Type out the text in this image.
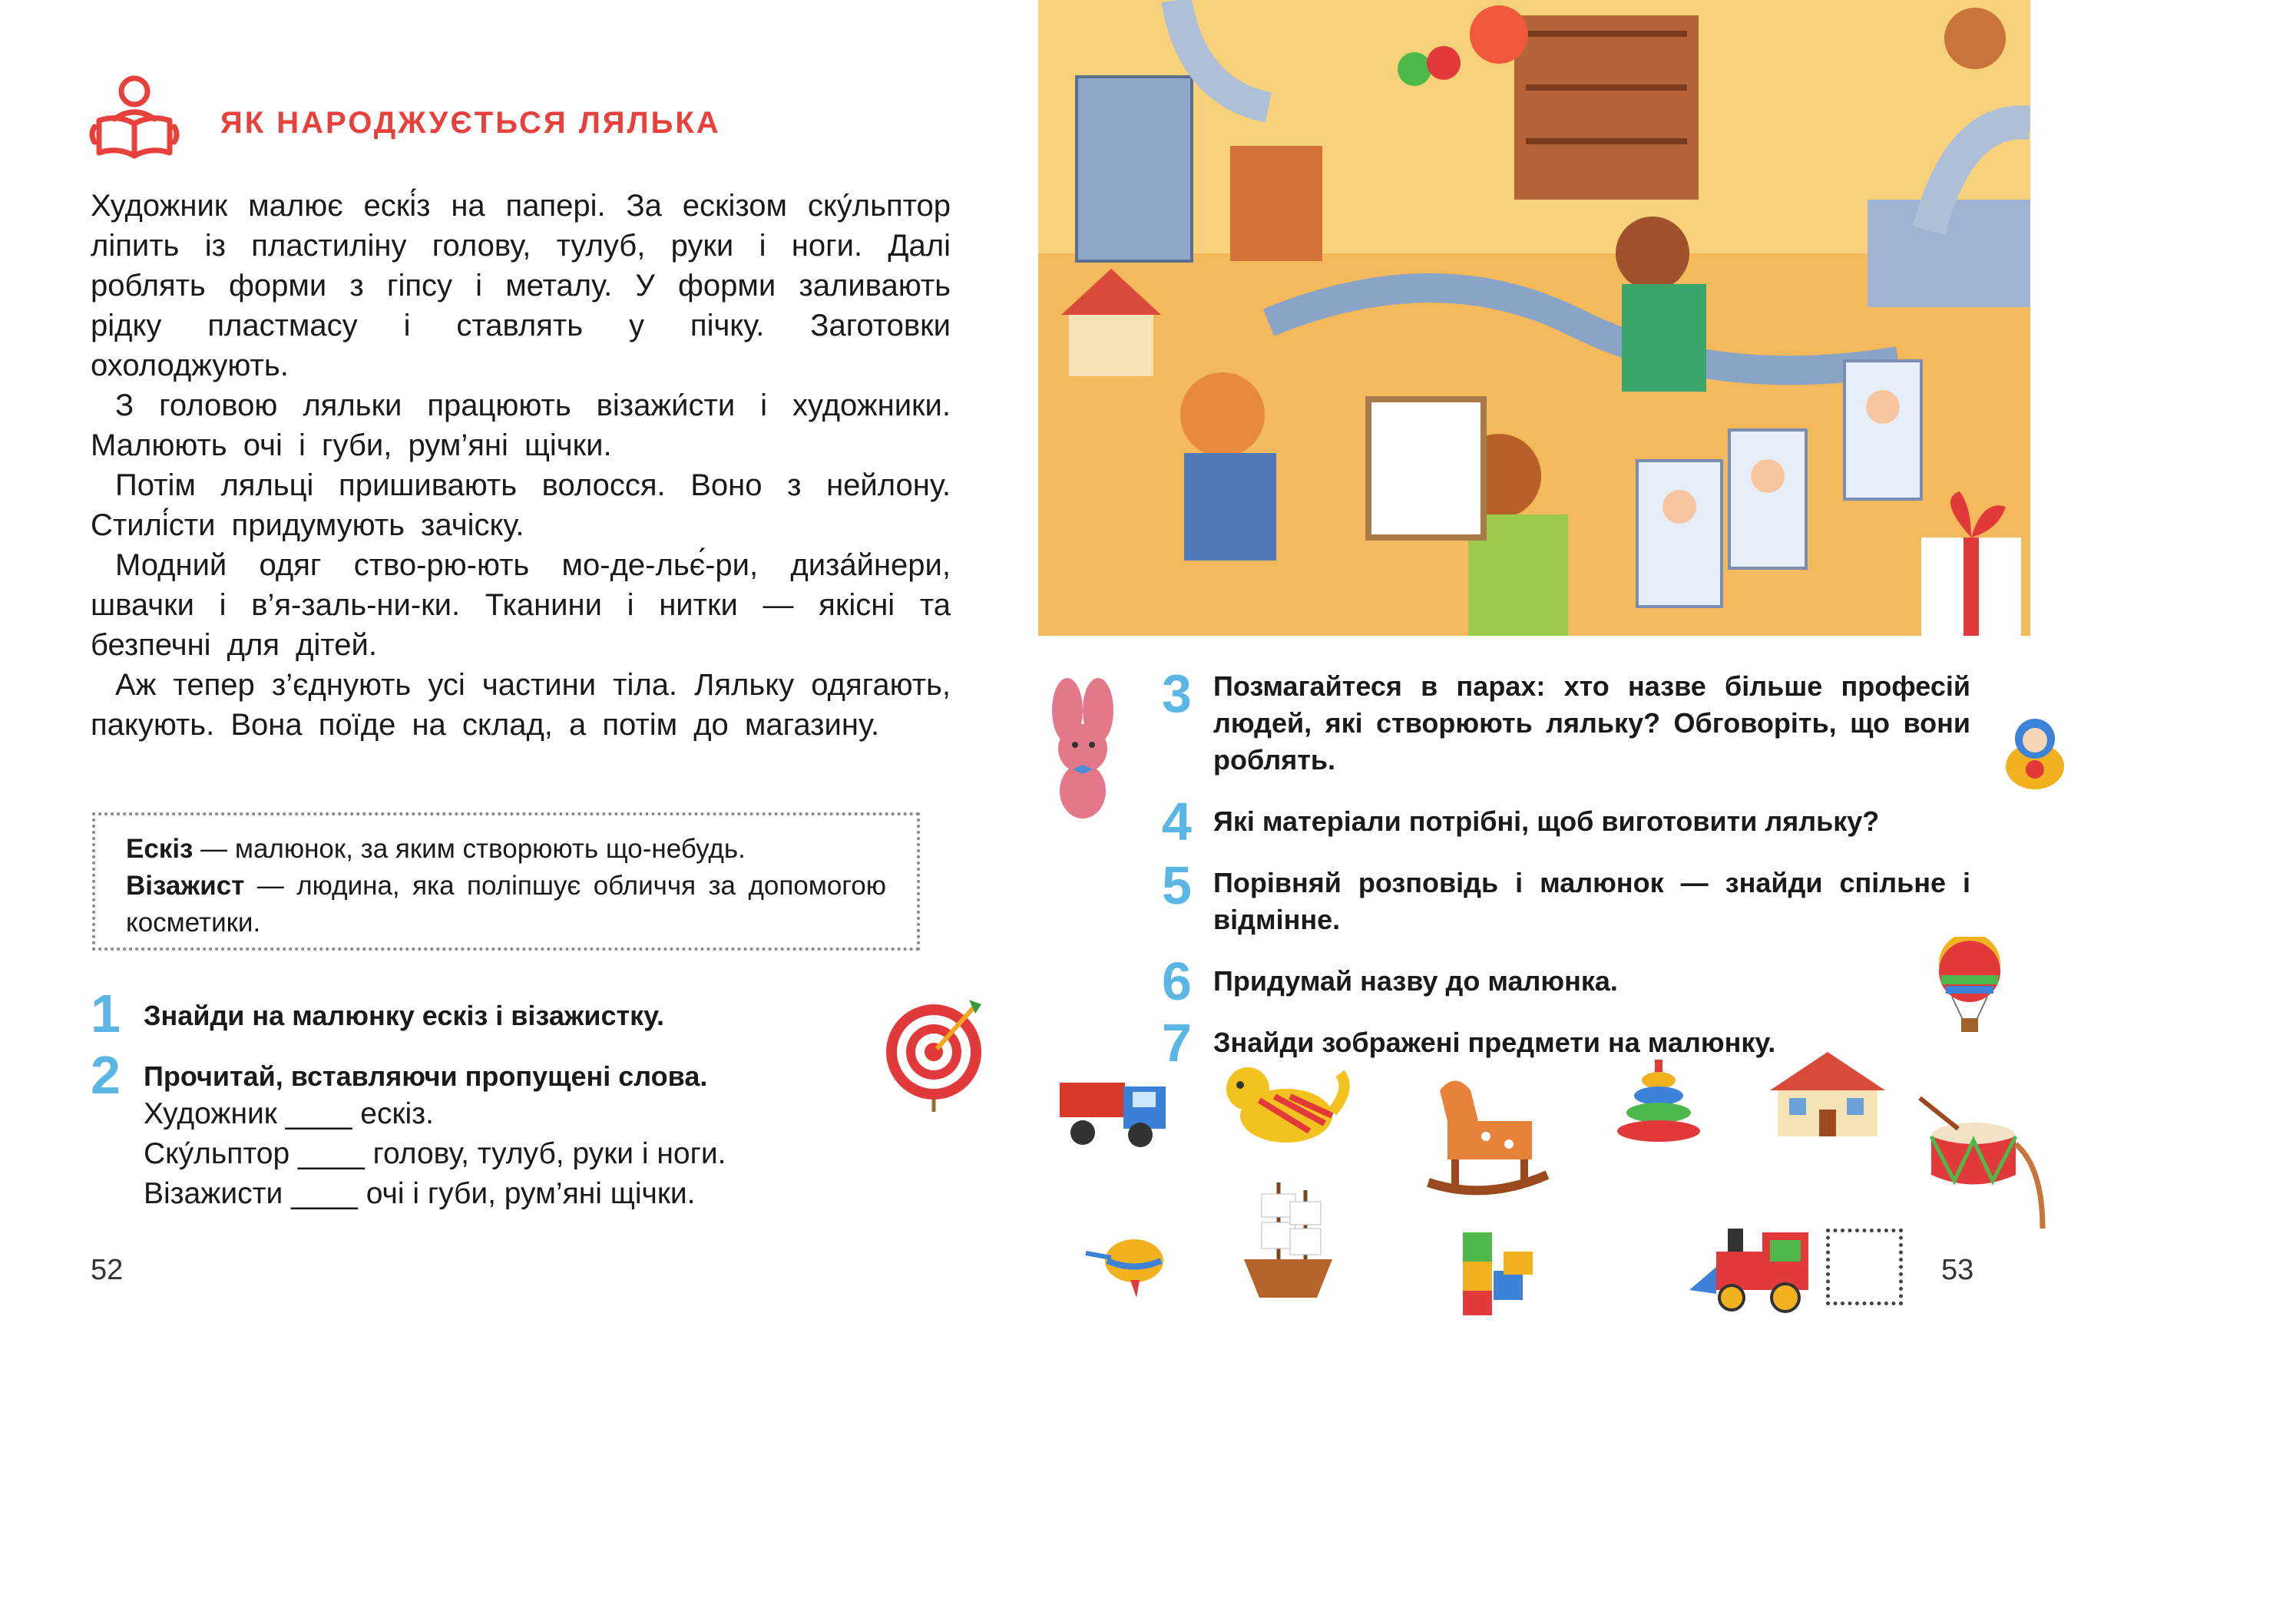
ЯК НАРОДЖУЄТЬСЯ ЛЯЛЬКА

Художник малює ескі́з на папері. За ескізом ску́льптор ліпить із пластиліну голову, тулуб, руки і ноги. Далі роблять форми з гіпсу і металу. У форми заливають рідку пластмасу і ставлять у пічку. Заготовки охолоджують.

З головою ляльки працюють візажи́сти і художники. Малюють очі і губи, рум’яні щічки.

Потім ляльці пришивають волосся. Воно з нейлону. Стилі́сти придумують зачіску.

Модний одяг ство-рю-ють мо-де-льє́-ри, диза́йнери, швачки і в’я-заль-ни-ки. Тканини і нитки — якісні та безпечні для дітей.

Аж тепер з’єднують усі частини тіла. Ляльку одягають, пакують. Вона поїде на склад, а потім до магазину.

Ескіз — малюнок, за яким створюють що-небудь.

Візажист — людина, яка поліпшує обличчя за допомогою косметики.

1 Знайди на малюнку ескіз і візажистку.
2 Прочитай, вставляючи пропущені слова.
Художник ____ ескіз.
Ску́льптор ____ голову, тулуб, руки і ноги.
Візажисти ____ очі і губи, рум’яні щічки.
52
3 Позмагайтеся в парах: хто назве більше професій людей, які створюють ляльку? Обговоріть, що вони роблять.
4 Які матеріали потрібні, щоб виготовити ляльку?
5 Порівняй розповідь і малюнок — знайди спільне і відмінне.
6 Придумай назву до малюнка.
7 Знайди зображені предмети на малюнку.
53
